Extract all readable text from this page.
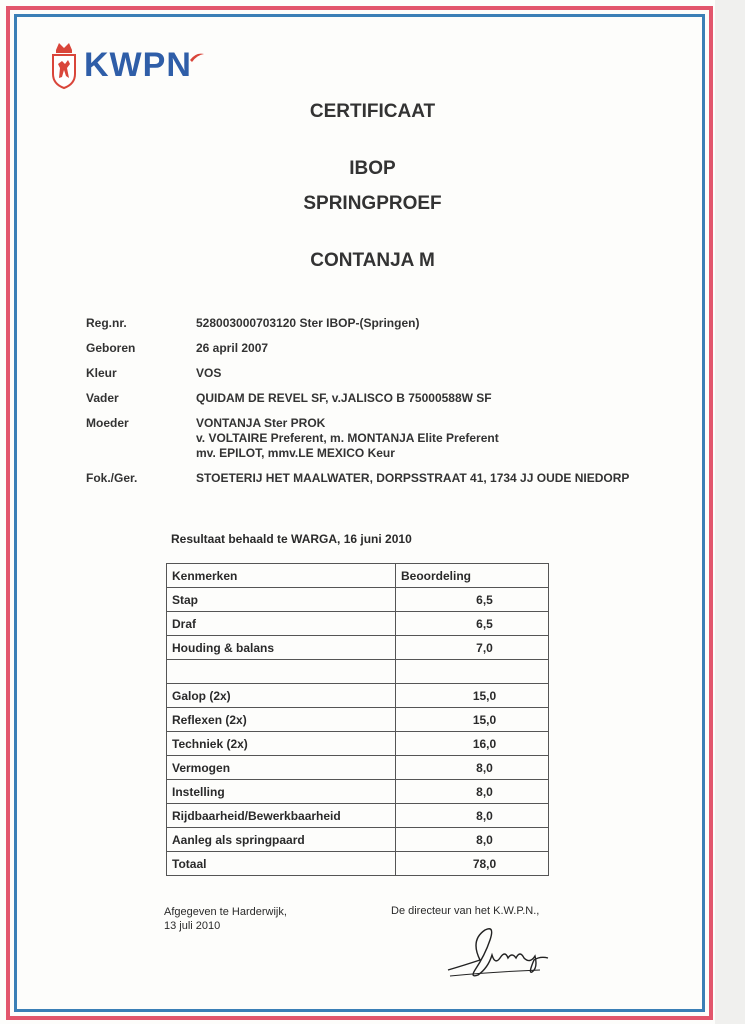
KWPN
CERTIFICAAT
IBOP
SPRINGPROEF
CONTANJA M
Reg.nr.	528003000703120 Ster IBOP-(Springen)
Geboren	26 april 2007
Kleur	VOS
Vader	QUIDAM DE REVEL SF, v.JALISCO B 75000588W SF
Moeder	VONTANJA Ster PROK
v. VOLTAIRE Preferent, m. MONTANJA Elite Preferent
mv. EPILOT, mmv.LE MEXICO Keur
Fok./Ger.	STOETERIJ HET MAALWATER, DORPSSTRAAT 41, 1734 JJ OUDE NIEDORP
Resultaat behaald te WARGA, 16 juni 2010
Kenmerken	Beoordeling
Stap	6,5
Draf	6,5
Houding & balans	7,0

Galop (2x)	15,0
Reflexen (2x)	15,0
Techniek (2x)	16,0
Vermogen	8,0
Instelling	8,0
Rijdbaarheid/Bewerkbaarheid	8,0
Aanleg als springpaard	8,0
Totaal	78,0
Afgegeven te Harderwijk,
13 juli 2010
De directeur van het K.W.P.N.,
